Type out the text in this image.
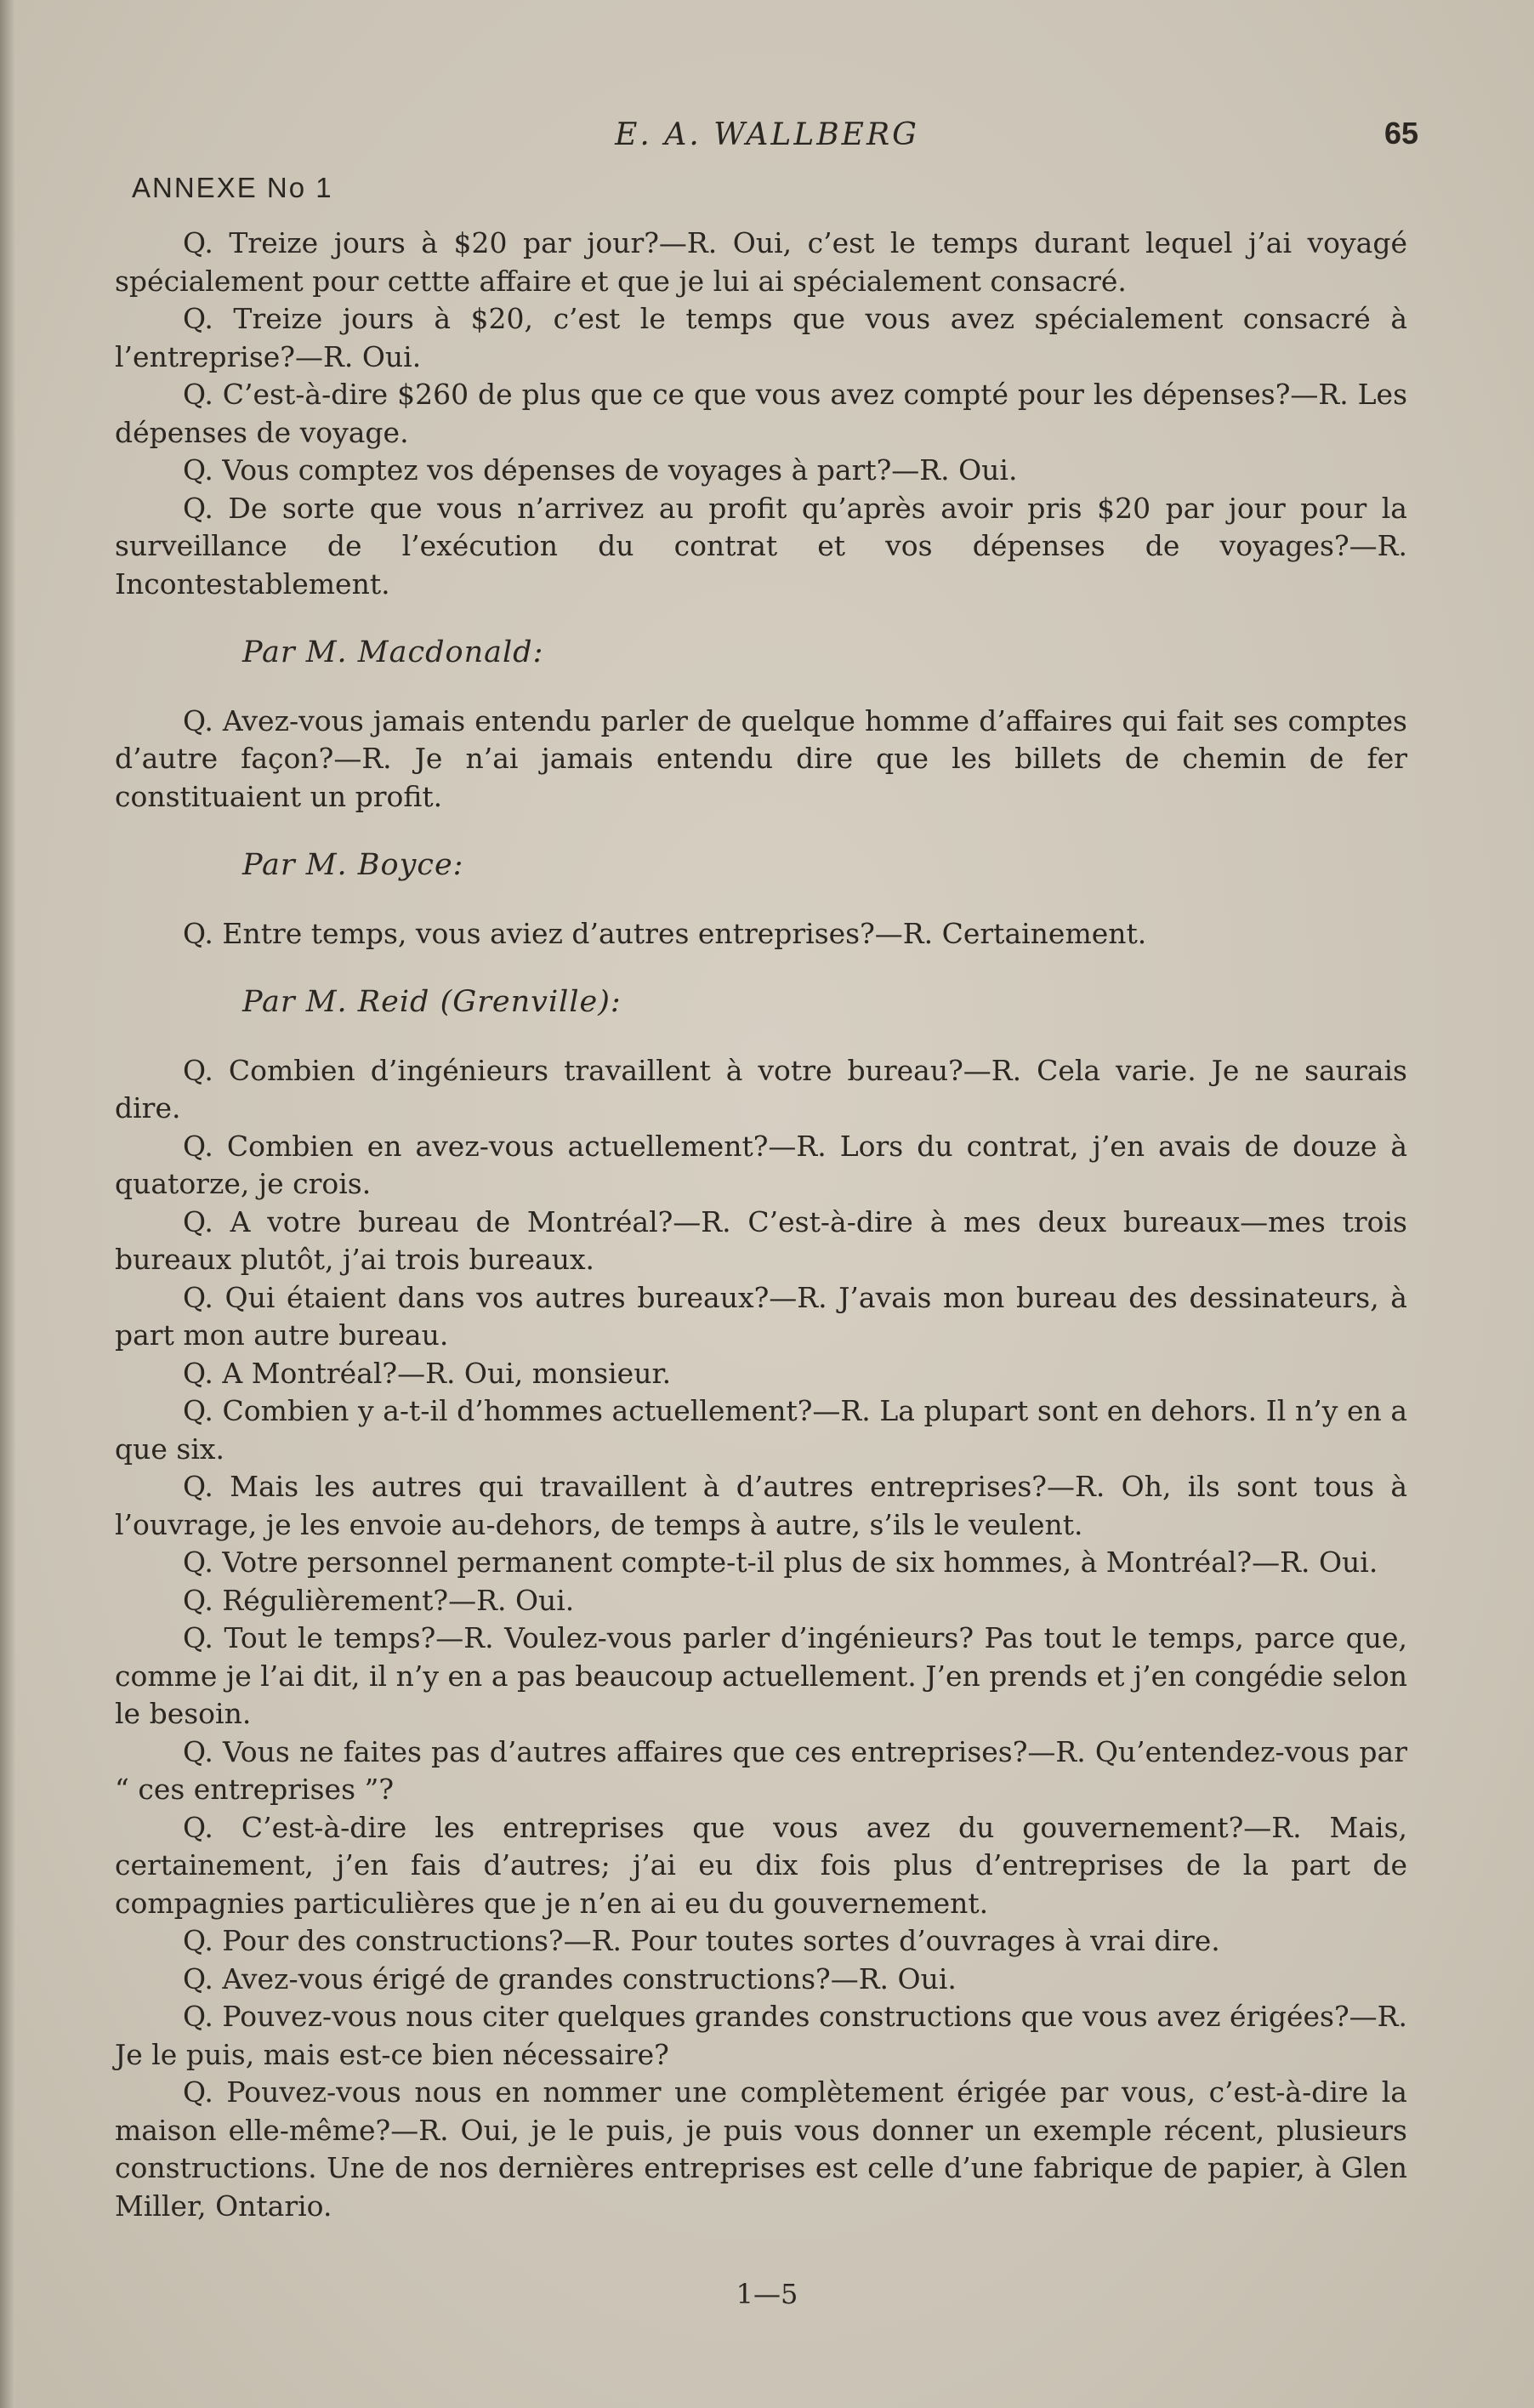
E. A. WALLBERG	65
ANNEXE No 1

Q. Treize jours à $20 par jour?—R. Oui, c’est le temps durant lequel j’ai voyagé spécialement pour cettte affaire et que je lui ai spécialement consacré.

Q. Treize jours à $20, c’est le temps que vous avez spécialement consacré à l’entreprise?—R. Oui.

Q. C’est-à-dire $260 de plus que ce que vous avez compté pour les dépenses?—R. Les dépenses de voyage.

Q. Vous comptez vos dépenses de voyages à part?—R. Oui.

Q. De sorte que vous n’arrivez au profit qu’après avoir pris $20 par jour pour la surveillance de l’exécution du contrat et vos dépenses de voyages?—R. Incontestablement.

Par M. Macdonald:

Q. Avez-vous jamais entendu parler de quelque homme d’affaires qui fait ses comptes d’autre façon?—R. Je n’ai jamais entendu dire que les billets de chemin de fer constituaient un profit.

Par M. Boyce:

Q. Entre temps, vous aviez d’autres entreprises?—R. Certainement.

Par M. Reid (Grenville):

Q. Combien d’ingénieurs travaillent à votre bureau?—R. Cela varie. Je ne saurais dire.

Q. Combien en avez-vous actuellement?—R. Lors du contrat, j’en avais de douze à quatorze, je crois.

Q. A votre bureau de Montréal?—R. C’est-à-dire à mes deux bureaux—mes trois bureaux plutôt, j’ai trois bureaux.

Q. Qui étaient dans vos autres bureaux?—R. J’avais mon bureau des dessinateurs, à part mon autre bureau.

Q. A Montréal?—R. Oui, monsieur.

Q. Combien y a-t-il d’hommes actuellement?—R. La plupart sont en dehors. Il n’y en a que six.

Q. Mais les autres qui travaillent à d’autres entreprises?—R. Oh, ils sont tous à l’ouvrage, je les envoie au-dehors, de temps à autre, s’ils le veulent.

Q. Votre personnel permanent compte-t-il plus de six hommes, à Montréal?—R. Oui.

Q. Régulièrement?—R. Oui.

Q. Tout le temps?—R. Voulez-vous parler d’ingénieurs? Pas tout le temps, parce que, comme je l’ai dit, il n’y en a pas beaucoup actuellement. J’en prends et j’en congédie selon le besoin.

Q. Vous ne faites pas d’autres affaires que ces entreprises?—R. Qu’entendez-vous par “ ces entreprises ”?

Q. C’est-à-dire les entreprises que vous avez du gouvernement?—R. Mais, certainement, j’en fais d’autres; j’ai eu dix fois plus d’entreprises de la part de compagnies particulières que je n’en ai eu du gouvernement.

Q. Pour des constructions?—R. Pour toutes sortes d’ouvrages à vrai dire.

Q. Avez-vous érigé de grandes constructions?—R. Oui.

Q. Pouvez-vous nous citer quelques grandes constructions que vous avez érigées?—R. Je le puis, mais est-ce bien nécessaire?

Q. Pouvez-vous nous en nommer une complètement érigée par vous, c’est-à-dire la maison elle-même?—R. Oui, je le puis, je puis vous donner un exemple récent, plusieurs constructions. Une de nos dernières entreprises est celle d’une fabrique de papier, à Glen Miller, Ontario.

1—5
